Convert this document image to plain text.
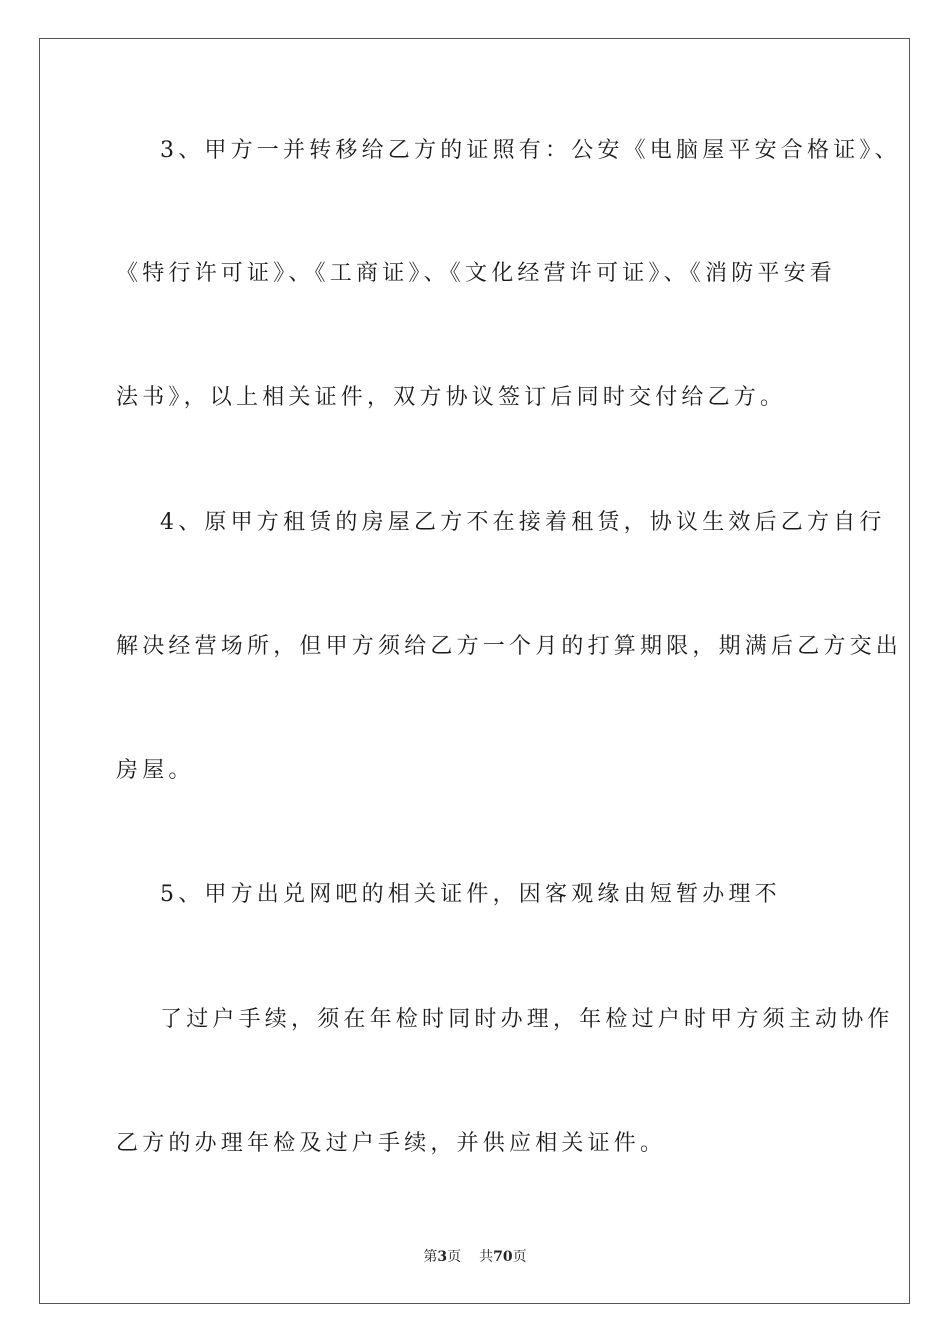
3、甲方一并转移给乙方的证照有：公安《电脑屋平安合格证》、
《特行许可证》、《工商证》、《文化经营许可证》、《消防平安看
法书》，以上相关证件，双方协议签订后同时交付给乙方。
4、原甲方租赁的房屋乙方不在接着租赁，协议生效后乙方自行
解决经营场所，但甲方须给乙方一个月的打算期限，期满后乙方交出
房屋。
5、甲方出兑网吧的相关证件，因客观缘由短暂办理不
了过户手续，须在年检时同时办理，年检过户时甲方须主动协作
乙方的办理年检及过户手续，并供应相关证件。
第3页 共70页
